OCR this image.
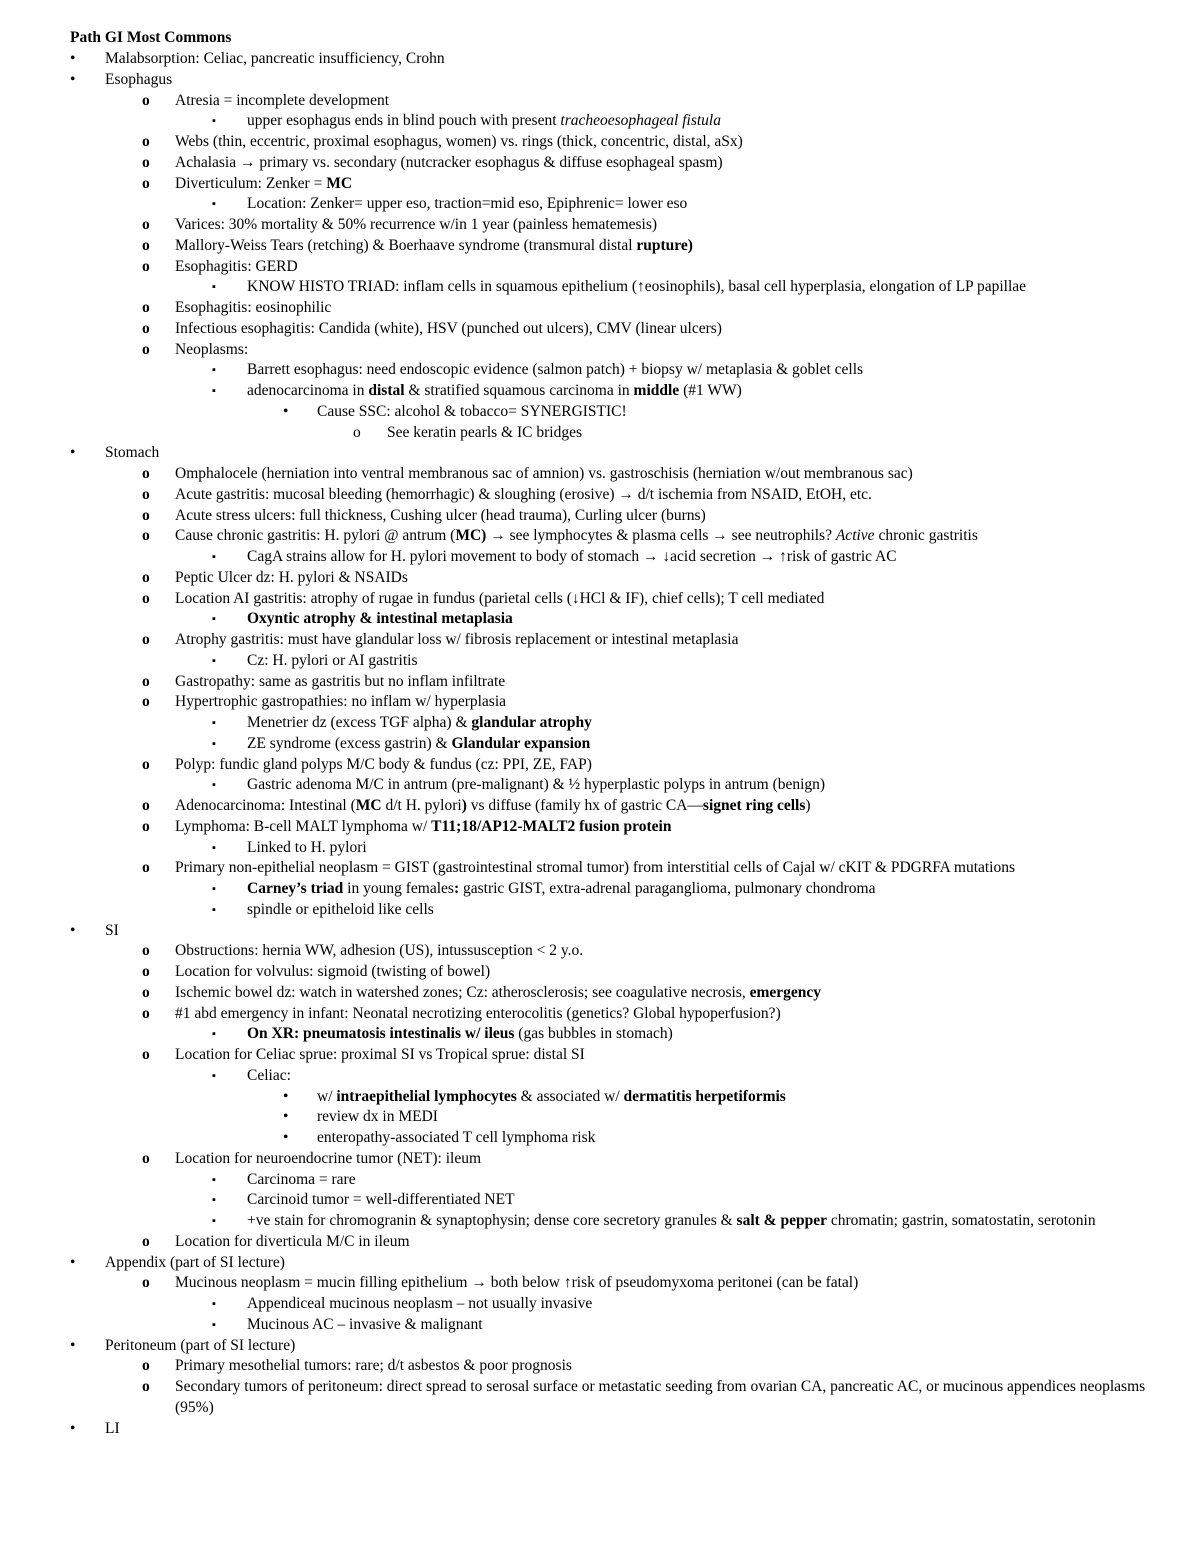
Path GI Most Commons
•	Malabsorption: Celiac, pancreatic insufficiency, Crohn
•	Esophagus
o	Atresia = incomplete development
▪	upper esophagus ends in blind pouch with present tracheoesophageal fistula
o	Webs (thin, eccentric, proximal esophagus, women) vs. rings (thick, concentric, distal, aSx)
o	Achalasia → primary vs. secondary (nutcracker esophagus & diffuse esophageal spasm)
o	Diverticulum: Zenker = MC
▪	Location: Zenker= upper eso, traction=mid eso, Epiphrenic= lower eso
o	Varices: 30% mortality & 50% recurrence w/in 1 year (painless hematemesis)
o	Mallory-Weiss Tears (retching) & Boerhaave syndrome (transmural distal rupture)
o	Esophagitis: GERD
▪	KNOW HISTO TRIAD: inflam cells in squamous epithelium (↑eosinophils), basal cell hyperplasia, elongation of LP papillae
o	Esophagitis: eosinophilic
o	Infectious esophagitis: Candida (white), HSV (punched out ulcers), CMV (linear ulcers)
o	Neoplasms:
▪	Barrett esophagus: need endoscopic evidence (salmon patch) + biopsy w/ metaplasia & goblet cells
▪	adenocarcinoma in distal & stratified squamous carcinoma in middle (#1 WW)
•	Cause SSC: alcohol & tobacco= SYNERGISTIC!
o	See keratin pearls & IC bridges
•	Stomach
o	Omphalocele (herniation into ventral membranous sac of amnion) vs. gastroschisis (herniation w/out membranous sac)
o	Acute gastritis: mucosal bleeding (hemorrhagic) & sloughing (erosive) → d/t ischemia from NSAID, EtOH, etc.
o	Acute stress ulcers: full thickness, Cushing ulcer (head trauma), Curling ulcer (burns)
o	Cause chronic gastritis: H. pylori @ antrum (MC) → see lymphocytes & plasma cells → see neutrophils? Active chronic gastritis
▪	CagA strains allow for H. pylori movement to body of stomach → ↓acid secretion → ↑risk of gastric AC
o	Peptic Ulcer dz: H. pylori & NSAIDs
o	Location AI gastritis: atrophy of rugae in fundus (parietal cells (↓HCl & IF), chief cells); T cell mediated
▪	Oxyntic atrophy & intestinal metaplasia
o	Atrophy gastritis: must have glandular loss w/ fibrosis replacement or intestinal metaplasia
▪	Cz: H. pylori or AI gastritis
o	Gastropathy: same as gastritis but no inflam infiltrate
o	Hypertrophic gastropathies: no inflam w/ hyperplasia
▪	Menetrier dz (excess TGF alpha) & glandular atrophy
▪	ZE syndrome (excess gastrin) & Glandular expansion
o	Polyp: fundic gland polyps M/C body & fundus (cz: PPI, ZE, FAP)
▪	Gastric adenoma M/C in antrum (pre-malignant) & ½ hyperplastic polyps in antrum (benign)
o	Adenocarcinoma: Intestinal (MC d/t H. pylori) vs diffuse (family hx of gastric CA—signet ring cells)
o	Lymphoma: B-cell MALT lymphoma w/ T11;18/AP12-MALT2 fusion protein
▪	Linked to H. pylori
o	Primary non-epithelial neoplasm = GIST (gastrointestinal stromal tumor) from interstitial cells of Cajal w/ cKIT & PDGRFA mutations
▪	Carney’s triad in young females: gastric GIST, extra-adrenal paraganglioma, pulmonary chondroma
▪	spindle or epitheloid like cells
•	SI
o	Obstructions: hernia WW, adhesion (US), intussusception < 2 y.o.
o	Location for volvulus: sigmoid (twisting of bowel)
o	Ischemic bowel dz: watch in watershed zones; Cz: atherosclerosis; see coagulative necrosis, emergency
o	#1 abd emergency in infant: Neonatal necrotizing enterocolitis (genetics? Global hypoperfusion?)
▪	On XR: pneumatosis intestinalis w/ ileus (gas bubbles in stomach)
o	Location for Celiac sprue: proximal SI vs Tropical sprue: distal SI
▪	Celiac:
•	w/ intraepithelial lymphocytes & associated w/ dermatitis herpetiformis
•	review dx in MEDI
•	enteropathy-associated T cell lymphoma risk
o	Location for neuroendocrine tumor (NET): ileum
▪	Carcinoma = rare
▪	Carcinoid tumor = well-differentiated NET
▪	+ve stain for chromogranin & synaptophysin; dense core secretory granules & salt & pepper chromatin; gastrin, somatostatin, serotonin
o	Location for diverticula M/C in ileum
•	Appendix (part of SI lecture)
o	Mucinous neoplasm = mucin filling epithelium → both below ↑risk of pseudomyxoma peritonei (can be fatal)
▪	Appendiceal mucinous neoplasm – not usually invasive
▪	Mucinous AC – invasive & malignant
•	Peritoneum (part of SI lecture)
o	Primary mesothelial tumors: rare; d/t asbestos & poor prognosis
o	Secondary tumors of peritoneum: direct spread to serosal surface or metastatic seeding from ovarian CA, pancreatic AC, or mucinous appendices neoplasms (95%)
•	LI
